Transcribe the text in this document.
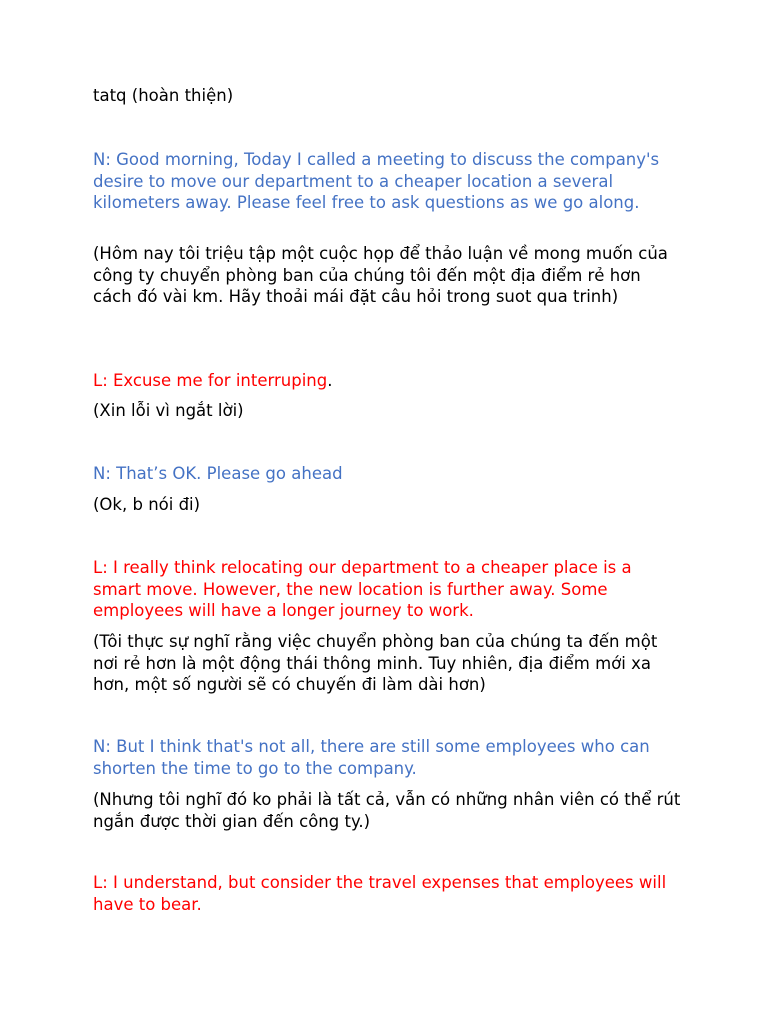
tatq (hoàn thiện)

N: Good morning, Today I called a meeting to discuss the company's desire to move our department to a cheaper location a several kilometers away. Please feel free to ask questions as we go along.

(Hôm nay tôi triệu tập một cuộc họp để thảo luận về mong muốn của công ty chuyển phòng ban của chúng tôi đến một địa điểm rẻ hơn cách đó vài km. Hãy thoải mái đặt câu hỏi trong suot qua trinh)

L: Excuse me for interruping.

(Xin lỗi vì ngắt lời)

N: That’s OK. Please go ahead

(Ok, b nói đi)

L: I really think relocating our department to a cheaper place is a smart move. However, the new location is further away. Some employees will have a longer journey to work.

(Tôi thực sự nghĩ rằng việc chuyển phòng ban của chúng ta đến một nơi rẻ hơn là một động thái thông minh. Tuy nhiên, địa điểm mới xa hơn, một số người sẽ có chuyến đi làm dài hơn)

N: But I think that's not all, there are still some employees who can shorten the time to go to the company.

(Nhưng tôi nghĩ đó ko phải là tất cả, vẫn có những nhân viên có thể rút ngắn được thời gian đến công ty.)

L: I understand, but consider the travel expenses that employees will have to bear.
